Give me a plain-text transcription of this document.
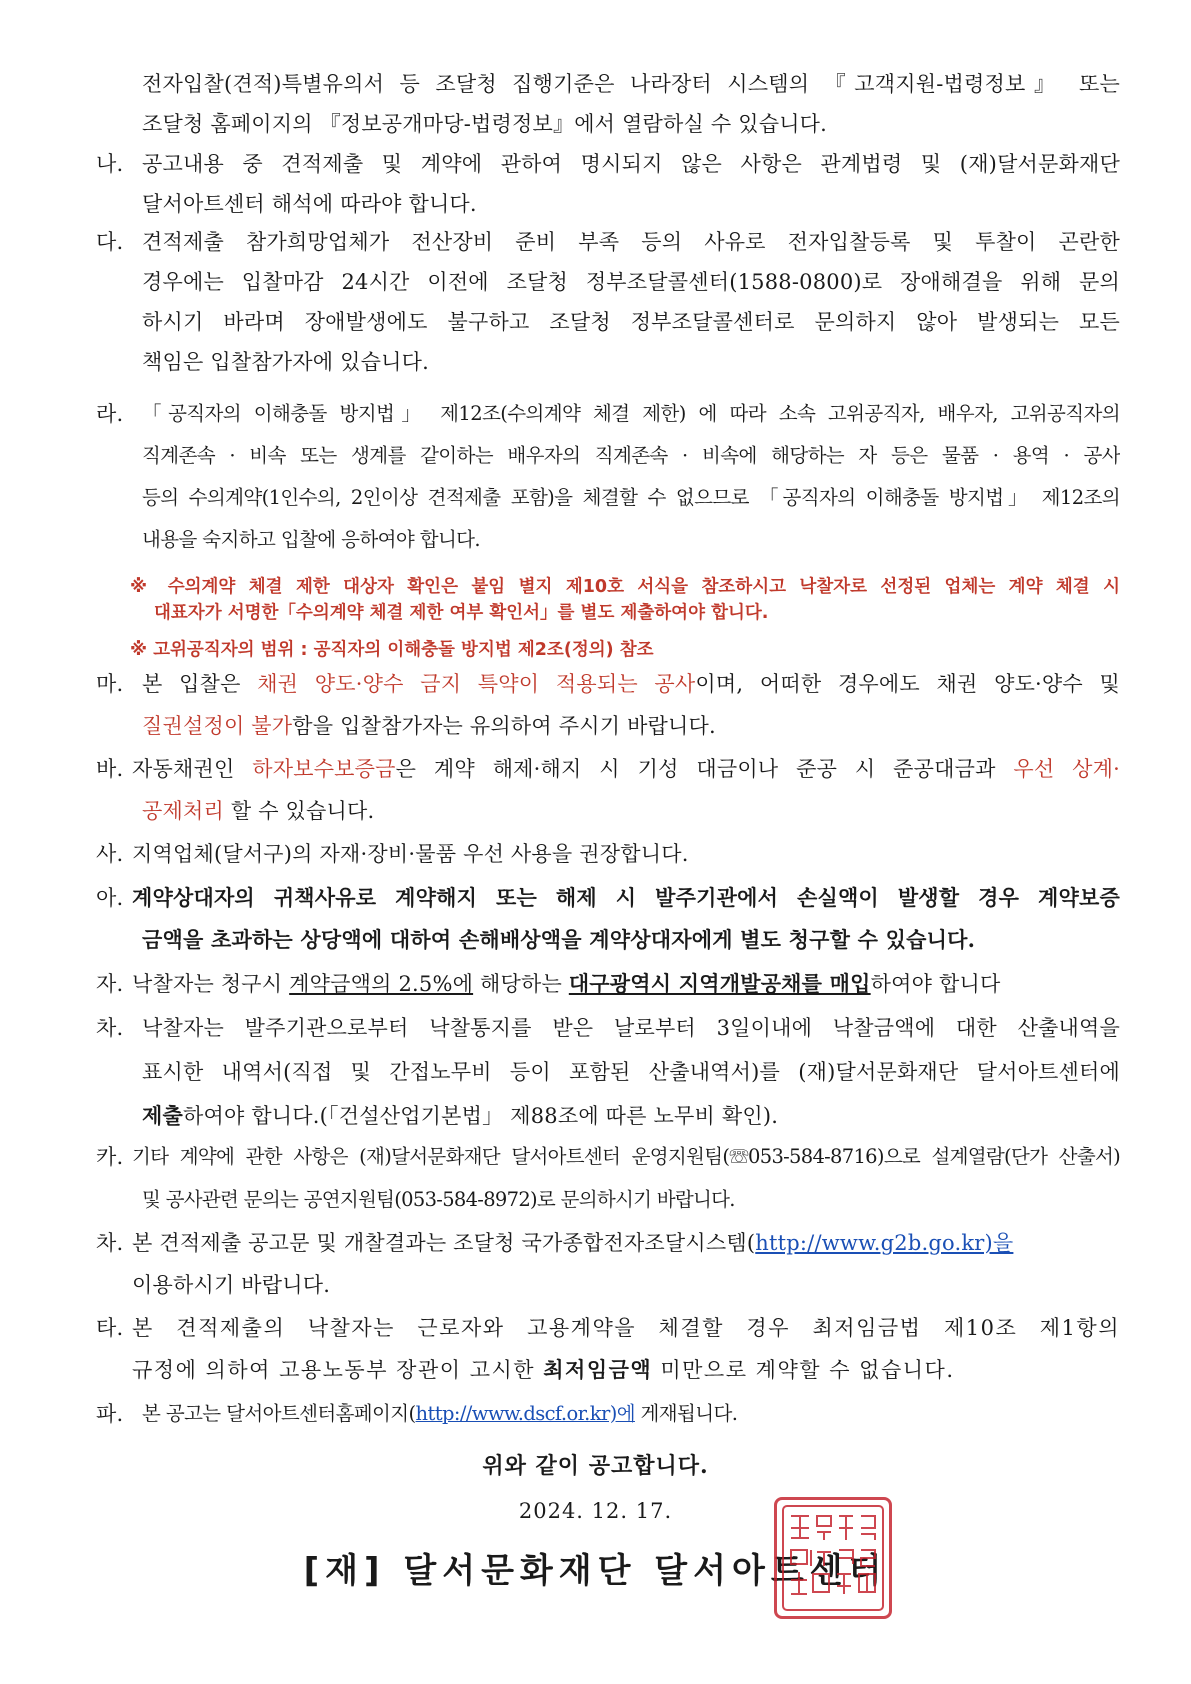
전자입찰(견적)특별유의서 등 조달청 집행기준은 나라장터 시스템의 『고객지원-법령정보』 또는
조달청 홈페이지의 『정보공개마당-법령정보』에서 열람하실 수 있습니다.
나. 공고내용 중 견적제출 및 계약에 관하여 명시되지 않은 사항은 관계법령 및 (재)달서문화재단
달서아트센터 해석에 따라야 합니다.
다. 견적제출 참가희망업체가 전산장비 준비 부족 등의 사유로 전자입찰등록 및 투찰이 곤란한
경우에는 입찰마감 24시간 이전에 조달청 정부조달콜센터(1588-0800)로 장애해결을 위해 문의
하시기 바라며 장애발생에도 불구하고 조달청 정부조달콜센터로 문의하지 않아 발생되는 모든
책임은 입찰참가자에 있습니다.
라. 「공직자의 이해충돌 방지법」 제12조(수의계약 체결 제한) 에 따라 소속 고위공직자, 배우자, 고위공직자의
직계존속 · 비속 또는 생계를 같이하는 배우자의 직계존속 · 비속에 해당하는 자 등은 물품 · 용역 · 공사
등의 수의계약(1인수의, 2인이상 견적제출 포함)을 체결할 수 없으므로 「공직자의 이해충돌 방지법」 제12조의
내용을 숙지하고 입찰에 응하여야 합니다.
※ 수의계약 체결 제한 대상자 확인은 붙임 별지 제10호 서식을 참조하시고 낙찰자로 선정된 업체는 계약 체결 시
대표자가 서명한「수의계약 체결 제한 여부 확인서」를 별도 제출하여야 합니다.
※ 고위공직자의 범위 : 공직자의 이해충돌 방지법 제2조(정의) 참조
마. 본 입찰은 채권 양도·양수 금지 특약이 적용되는 공사이며, 어떠한 경우에도 채권 양도·양수 및
질권설정이 불가함을 입찰참가자는 유의하여 주시기 바랍니다.
바. 자동채권인 하자보수보증금은 계약 해제·해지 시 기성 대금이나 준공 시 준공대금과 우선 상계·
공제처리 할 수 있습니다.
사. 지역업체(달서구)의 자재·장비·물품 우선 사용을 권장합니다.
아. 계약상대자의 귀책사유로 계약해지 또는 해제 시 발주기관에서 손실액이 발생할 경우 계약보증
금액을 초과하는 상당액에 대하여 손해배상액을 계약상대자에게 별도 청구할 수 있습니다.
자. 낙찰자는 청구시 계약금액의 2.5%에 해당하는 대구광역시 지역개발공채를 매입하여야 합니다
차. 낙찰자는 발주기관으로부터 낙찰통지를 받은 날로부터 3일이내에 낙찰금액에 대한 산출내역을
표시한 내역서(직접 및 간접노무비 등이 포함된 산출내역서)를 (재)달서문화재단 달서아트센터에
제출하여야 합니다.(「건설산업기본법」 제88조에 따른 노무비 확인).
카. 기타 계약에 관한 사항은 (재)달서문화재단 달서아트센터 운영지원팀(☏053-584-8716)으로 설계열람(단가 산출서)
및 공사관련 문의는 공연지원팀(053-584-8972)로 문의하시기 바랍니다.
차. 본 견적제출 공고문 및 개찰결과는 조달청 국가종합전자조달시스템(http://www.g2b.go.kr)을
이용하시기 바랍니다.
타. 본 견적제출의 낙찰자는 근로자와 고용계약을 체결할 경우 최저임금법 제10조 제1항의
규정에 의하여 고용노동부 장관이 고시한 최저임금액 미만으로 계약할 수 없습니다.
파. 본 공고는 달서아트센터홈페이지(http://www.dscf.or.kr)에 게재됩니다.
위와 같이 공고합니다.
2024. 12. 17.
[재] 달서문화재단 달서아트센터
